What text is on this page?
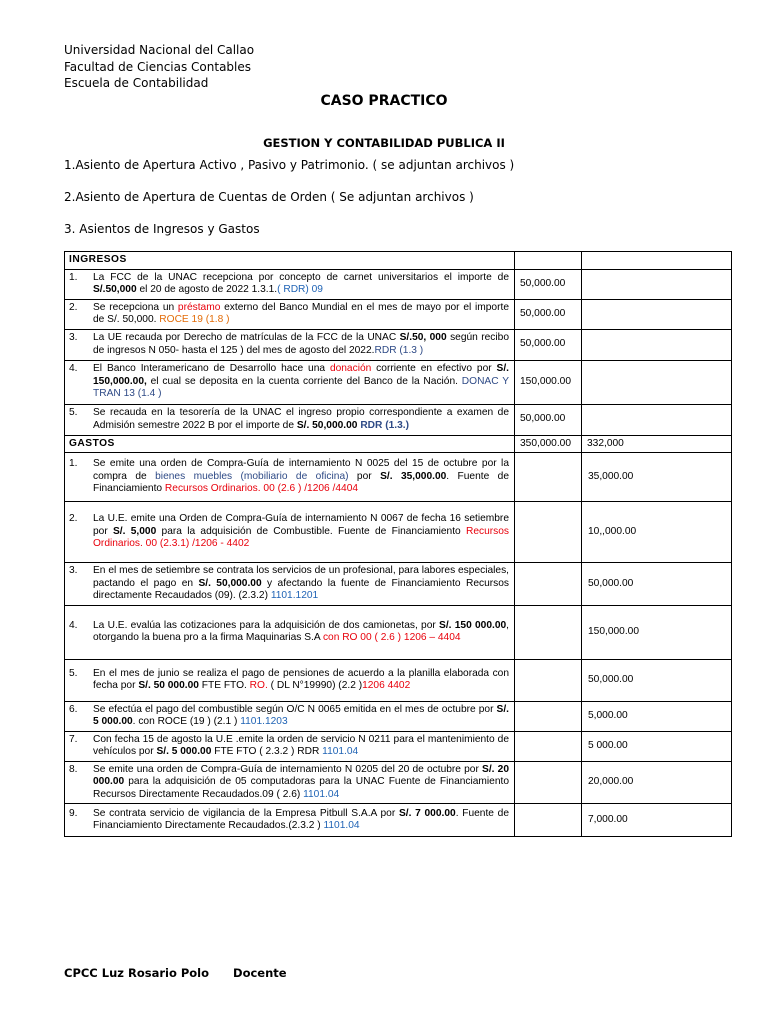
Universidad Nacional del Callao
Facultad de Ciencias Contables
Escuela de Contabilidad
CASO PRACTICO
GESTION Y CONTABILIDAD PUBLICA II
1.Asiento de Apertura Activo , Pasivo y Patrimonio. ( se adjuntan archivos )
2.Asiento de Apertura de Cuentas de Orden ( Se adjuntan archivos )
3. Asientos de Ingresos y Gastos
INGRESOS		
1. La FCC de la UNAC recepciona por concepto de carnet universitarios el importe de S/.50,000 el 20 de agosto de 2022 1.3.1.( RDR) 09	50,000.00	
2. Se recepciona un préstamo externo del Banco Mundial en el mes de mayo por el importe de S/. 50,000. ROCE 19 (1.8 )	50,000.00	
3. La UE recauda por Derecho de matrículas de la FCC de la UNAC S/.50, 000 según recibo de ingresos N 050- hasta el 125 ) del mes de agosto del 2022.RDR (1.3 )	50,000.00	
4. El Banco Interamericano de Desarrollo hace una donación corriente en efectivo por S/. 150,000.00, el cual se deposita en la cuenta corriente del Banco de la Nación. DONAC Y TRAN 13 (1.4 )	150,000.00	
5. Se recauda en la tesorería de la UNAC el ingreso propio correspondiente a examen de Admisión semestre 2022 B por el importe de S/. 50,000.00 RDR (1.3.)	50,000.00	
GASTOS	350,000.00	332,000
1. Se emite una orden de Compra-Guía de internamiento N 0025 del 15 de octubre por la compra de bienes muebles (mobiliario de oficina) por S/. 35,000.00. Fuente de Financiamiento Recursos Ordinarios. 00 (2.6 ) /1206 /4404		35,000.00
2. La U.E. emite una Orden de Compra-Guía de internamiento N 0067 de fecha 16 setiembre por S/. 5,000 para la adquisición de Combustible. Fuente de Financiamiento Recursos Ordinarios. 00 (2.3.1) /1206 - 4402		10,,000.00
3. En el mes de setiembre se contrata los servicios de un profesional, para labores especiales, pactando el pago en S/. 50,000.00 y afectando la fuente de Financiamiento Recursos directamente Recaudados (09). (2.3.2) 1101.1201		50,000.00
4. La U.E. evalúa las cotizaciones para la adquisición de dos camionetas, por S/. 150 000.00, otorgando la buena pro a la firma Maquinarias S.A con RO 00 ( 2.6 ) 1206 – 4404		150,000.00
5. En el mes de junio se realiza el pago de pensiones de acuerdo a la planilla elaborada con fecha por S/. 50 000.00 FTE FTO. RO. ( DL N°19990) (2.2 )1206 4402		50,000.00
6. Se efectúa el pago del combustible según O/C N 0065 emitida en el mes de octubre por S/. 5 000.00. con ROCE (19 ) (2.1 ) 1101.1203		5,000.00
7. Con fecha 15 de agosto la U.E .emite la orden de servicio N 0211 para el mantenimiento de vehículos por S/. 5 000.00 FTE FTO ( 2.3.2 ) RDR 1101.04		5 000.00
8. Se emite una orden de Compra-Guía de internamiento N 0205 del 20 de octubre por S/. 20 000.00 para la adquisición de 05 computadoras para la UNAC Fuente de Financiamiento Recursos Directamente Recaudados.09 ( 2.6) 1101.04		20,000.00
9. Se contrata servicio de vigilancia de la Empresa Pitbull S.A.A por S/. 7 000.00. Fuente de Financiamiento Directamente Recaudados.(2.3.2 ) 1101.04		7,000.00
CPCC Luz Rosario Polo Docente
